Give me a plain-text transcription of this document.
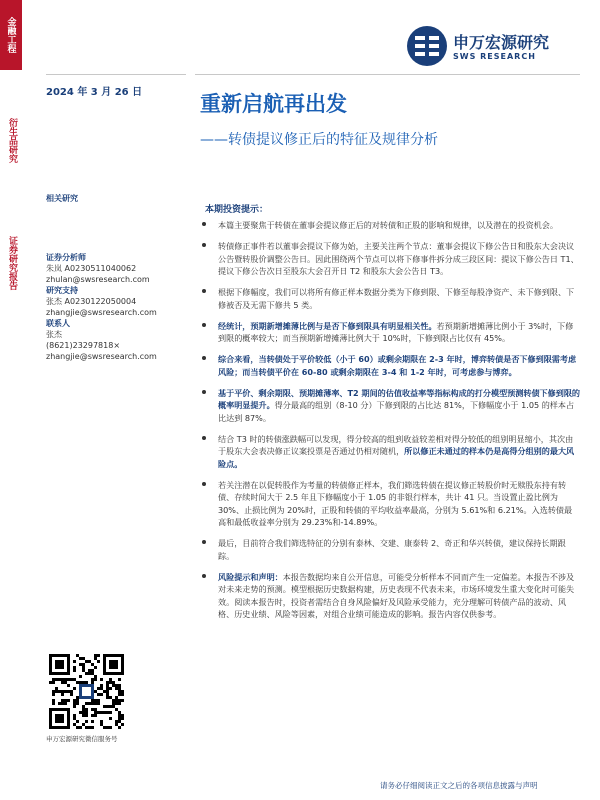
金融工程
衍生品研究
证券研究报告
2024 年 3 月 26 日
申万宏源研究
SWS RESEARCH
重新启航再出发
——转债提议修正后的特征及规律分析
相关研究
证券分析师
朱岚 A0230511040062
zhulan@swsresearch.com
研究支持
张杰 A0230122050004
zhangjie@swsresearch.com
联系人
张杰
(8621)23297818×
zhangjie@swsresearch.com
本期投资提示：
本篇主要聚焦于转债在董事会提议修正后的对转债和正股的影响和规律，以及潜在的投资机会。
转债修正事件若以董事会提议下修为始，主要关注两个节点：董事会提议下修公告日和股东大会决议公告暨转股价调整公告日。因此围绕两个节点可以将下修事件拆分成三段区间：提议下修公告日 T1、提议下修公告次日至股东大会召开日 T2 和股东大会公告日 T3。
根据下修幅度，我们可以将所有修正样本数据分类为下修到限、下修至每股净资产、未下修到限、下修被否及无需下修共 5 类。
经统计，预期新增摊薄比例与是否下修到限具有明显相关性。若预期新增摊薄比例小于 3%时，下修到限的概率较大；而当预期新增摊薄比例大于 10%时，下修到限占比仅有 45%。
综合来看，当转债处于平价较低（小于 60）或剩余期限在 2-3 年时，博弈转债是否下修到限需考虑风险；而当转债平价在 60-80 或剩余期限在 3-4 和 1-2 年时，可考虑参与博弈。
基于平价、剩余期限、预期摊薄率、T2 期间的估值收益率等指标构成的打分模型预测转债下修到限的概率明显提升。得分最高的组别（8-10 分）下修到限的占比达 81%，下修幅度小于 1.05 的样本占比达到 87%。
结合 T3 时的转债涨跌幅可以发现，得分较高的组到收益较差相对得分较低的组别明显缩小，其次由于股东大会表决修正议案投票是否通过仍相对随机，所以修正未通过的样本仍是高得分组别的最大风险点。
若关注潜在以促转股作为考量的转债修正样本，我们筛选转债在提议修正转股价时无赎股东持有转债、存续时间大于 2.5 年且下修幅度小于 1.05 的非银行样本，共计 41 只。当设置止盈比例为 30%、止损比例为 20%时，正股和转债的平均收益率最高，分别为 5.61%和 6.21%。入选转债最高和最低收益率分别为 29.23%和-14.89%。
最后，目前符合我们筛选特征的分别有泰林、交建、康泰转 2、奇正和华兴转债，建议保持长期跟踪。
风险提示和声明：本报告数据均来自公开信息，可能受分析样本不同而产生一定偏差。本报告不涉及对未来走势的预测。模型根据历史数据构建，历史表现不代表未来，市场环境发生重大变化时可能失效。阅读本报告时，投资者需结合自身风险偏好及风险承受能力，充分理解可转债产品的波动、风格、历史业绩、风险等因素，对组合业绩可能造成的影响。报告内容仅供参考。
申万宏源研究微信服务号
请务必仔细阅读正文之后的各项信息披露与声明
